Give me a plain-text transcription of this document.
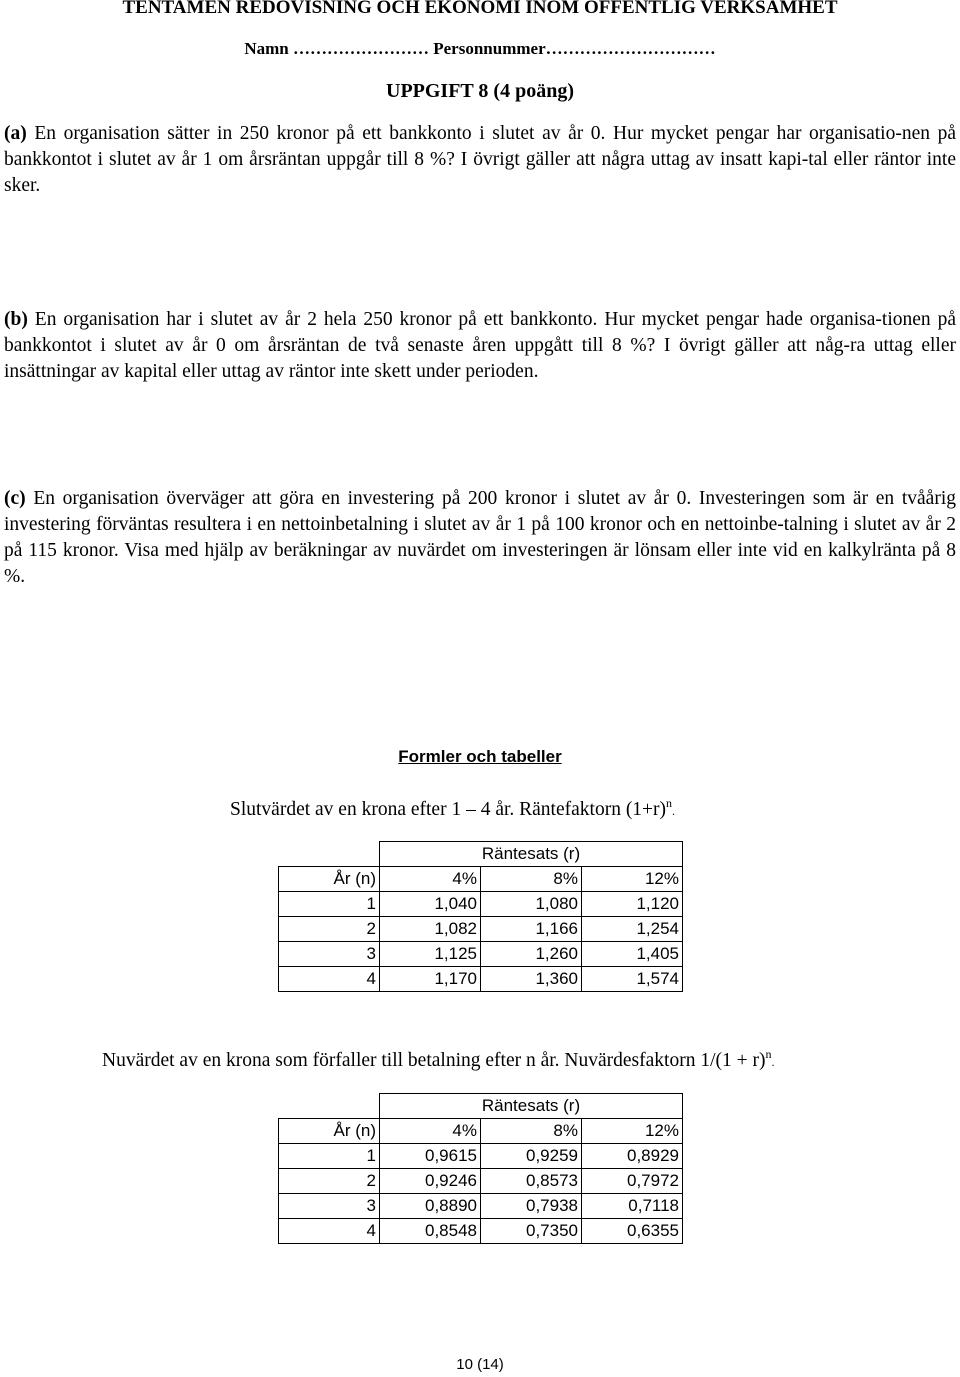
TENTAMEN REDOVISNING OCH EKONOMI INOM OFFENTLIG VERKSAMHET
Namn …………………… Personnummer…………………………
UPPGIFT 8 (4 poäng)
(a) En organisation sätter in 250 kronor på ett bankkonto i slutet av år 0. Hur mycket pengar har organisatio-nen på bankkontot i slutet av år 1 om årsräntan uppgår till 8 %? I övrigt gäller att några uttag av insatt kapi-tal eller räntor inte sker.
(b) En organisation har i slutet av år 2 hela 250 kronor på ett bankkonto. Hur mycket pengar hade organisa-tionen på bankkontot i slutet av år 0 om årsräntan de två senaste åren uppgått till 8 %? I övrigt gäller att någ-ra uttag eller insättningar av kapital eller uttag av räntor inte skett under perioden.
(c) En organisation överväger att göra en investering på 200 kronor i slutet av år 0. Investeringen som är en tvåårig investering förväntas resultera i en nettoinbetalning i slutet av år 1 på 100 kronor och en nettoinbe-talning i slutet av år 2 på 115 kronor. Visa med hjälp av beräkningar av nuvärdet om investeringen är lönsam eller inte vid en kalkylränta på 8 %.
Formler och tabeller
Slutvärdet av en krona efter 1 – 4 år. Räntefaktorn $(1+r)^n$.
	Räntesats (r)		
År (n)	4%	8%	12%
1	1,040	1,080	1,120
2	1,082	1,166	1,254
3	1,125	1,260	1,405
4	1,170	1,360	1,574
Nuvärdet av en krona som förfaller till betalning efter n år. Nuvärdesfaktorn $1/(1 + r)^n$.
	Räntesats (r)		
År (n)	4%	8%	12%
1	0,9615	0,9259	0,8929
2	0,9246	0,8573	0,7972
3	0,8890	0,7938	0,7118
4	0,8548	0,7350	0,6355
10 (14)
